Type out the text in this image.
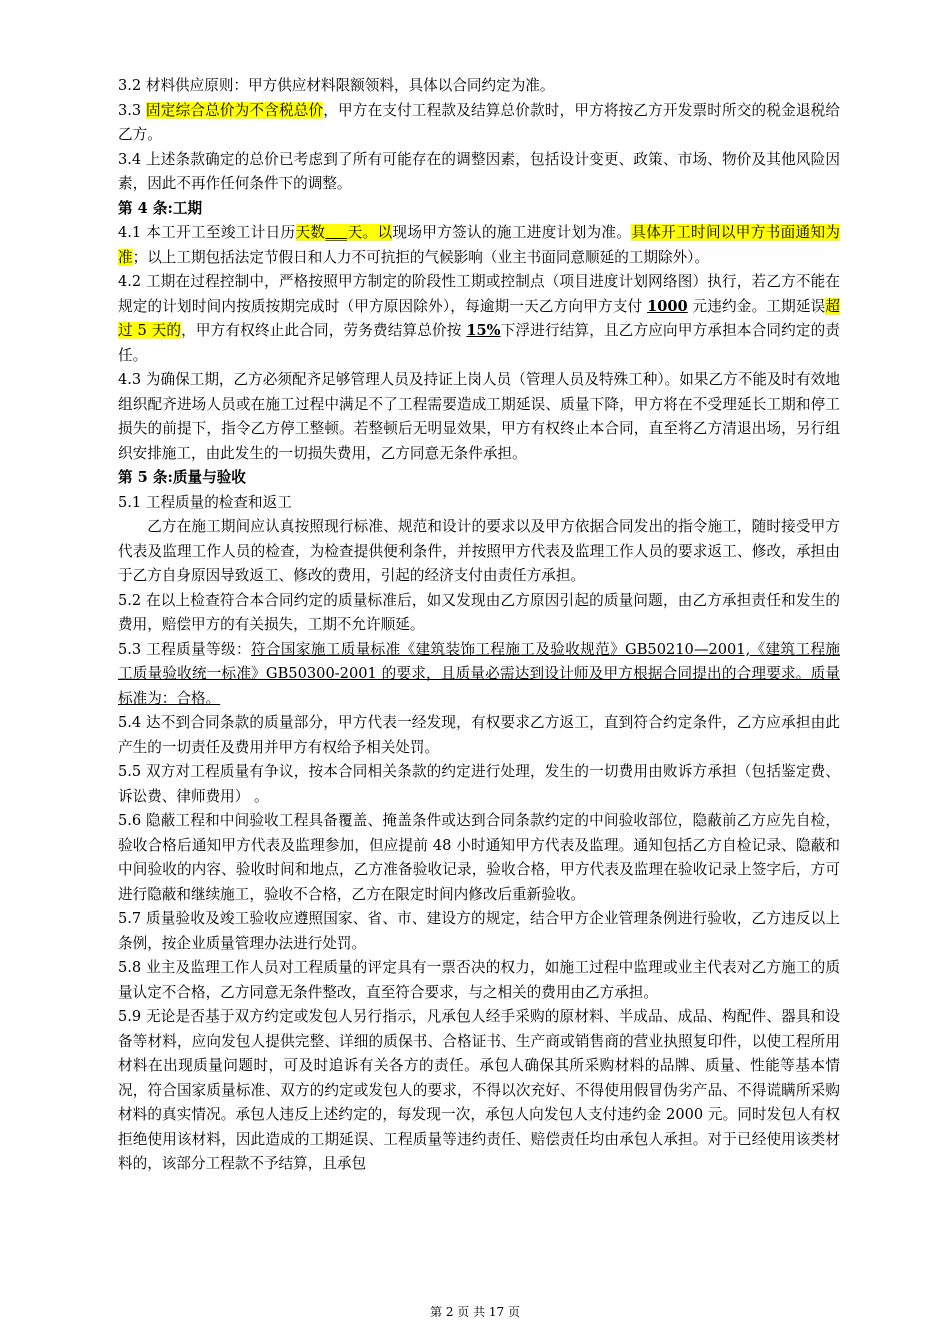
3.2 材料供应原则：甲方供应材料限额领料，具体以合同约定为准。

3.3 固定综合总价为不含税总价，甲方在支付工程款及结算总价款时，甲方将按乙方开发票时所交的税金退税给乙方。

3.4 上述条款确定的总价已考虑到了所有可能存在的调整因素，包括设计变更、政策、市场、物价及其他风险因素，因此不再作任何条件下的调整。

第 4 条:工期

4.1 本工开工至竣工计日历天数___天。以现场甲方签认的施工进度计划为准。具体开工时间以甲方书面通知为准；以上工期包括法定节假日和人力不可抗拒的气候影响（业主书面同意顺延的工期除外）。

4.2 工期在过程控制中，严格按照甲方制定的阶段性工期或控制点（项目进度计划网络图）执行，若乙方不能在规定的计划时间内按质按期完成时（甲方原因除外），每逾期一天乙方向甲方支付 1000 元违约金。工期延误超过 5 天的，甲方有权终止此合同，劳务费结算总价按 15%下浮进行结算，且乙方应向甲方承担本合同约定的责任。

4.3 为确保工期，乙方必须配齐足够管理人员及持证上岗人员（管理人员及特殊工种）。如果乙方不能及时有效地组织配齐进场人员或在施工过程中满足不了工程需要造成工期延误、质量下降，甲方将在不受理延长工期和停工损失的前提下，指令乙方停工整顿。若整顿后无明显效果，甲方有权终止本合同，直至将乙方清退出场，另行组织安排施工，由此发生的一切损失费用，乙方同意无条件承担。

第 5 条:质量与验收

5.1 工程质量的检查和返工

乙方在施工期间应认真按照现行标准、规范和设计的要求以及甲方依据合同发出的指令施工，随时接受甲方代表及监理工作人员的检查，为检查提供便利条件，并按照甲方代表及监理工作人员的要求返工、修改，承担由于乙方自身原因导致返工、修改的费用，引起的经济支付由责任方承担。

5.2 在以上检查符合本合同约定的质量标准后，如又发现由乙方原因引起的质量问题，由乙方承担责任和发生的费用，赔偿甲方的有关损失，工期不允许顺延。

5.3 工程质量等级：符合国家施工质量标准《建筑装饰工程施工及验收规范》GB50210—2001,《建筑工程施工质量验收统一标准》GB50300-2001 的要求，且质量必需达到设计师及甲方根据合同提出的合理要求。质量标准为：合格。

5.4 达不到合同条款的质量部分，甲方代表一经发现，有权要求乙方返工，直到符合约定条件，乙方应承担由此产生的一切责任及费用并甲方有权给予相关处罚。

5.5 双方对工程质量有争议，按本合同相关条款的约定进行处理，发生的一切费用由败诉方承担（包括鉴定费、诉讼费、律师费用） 。

5.6 隐蔽工程和中间验收工程具备覆盖、掩盖条件或达到合同条款约定的中间验收部位，隐蔽前乙方应先自检，验收合格后通知甲方代表及监理参加，但应提前 48 小时通知甲方代表及监理。通知包括乙方自检记录、隐蔽和中间验收的内容、验收时间和地点，乙方准备验收记录，验收合格，甲方代表及监理在验收记录上签字后，方可进行隐蔽和继续施工，验收不合格，乙方在限定时间内修改后重新验收。

5.7 质量验收及竣工验收应遵照国家、省、市、建设方的规定，结合甲方企业管理条例进行验收，乙方违反以上条例，按企业质量管理办法进行处罚。

5.8 业主及监理工作人员对工程质量的评定具有一票否决的权力，如施工过程中监理或业主代表对乙方施工的质量认定不合格，乙方同意无条件整改，直至符合要求，与之相关的费用由乙方承担。

5.9 无论是否基于双方约定或发包人另行指示，凡承包人经手采购的原材料、半成品、成品、构配件、器具和设备等材料，应向发包人提供完整、详细的质保书、合格证书、生产商或销售商的营业执照复印件，以使工程所用材料在出现质量问题时，可及时追诉有关各方的责任。承包人确保其所采购材料的品牌、质量、性能等基本情况，符合国家质量标准、双方的约定或发包人的要求，不得以次充好、不得使用假冒伪劣产品、不得谎瞒所采购材料的真实情况。承包人违反上述约定的，每发现一次，承包人向发包人支付违约金 2000 元。同时发包人有权拒绝使用该材料，因此造成的工期延误、工程质量等违约责任、赔偿责任均由承包人承担。对于已经使用该类材料的，该部分工程款不予结算，且承包

第 2 页 共 17 页
